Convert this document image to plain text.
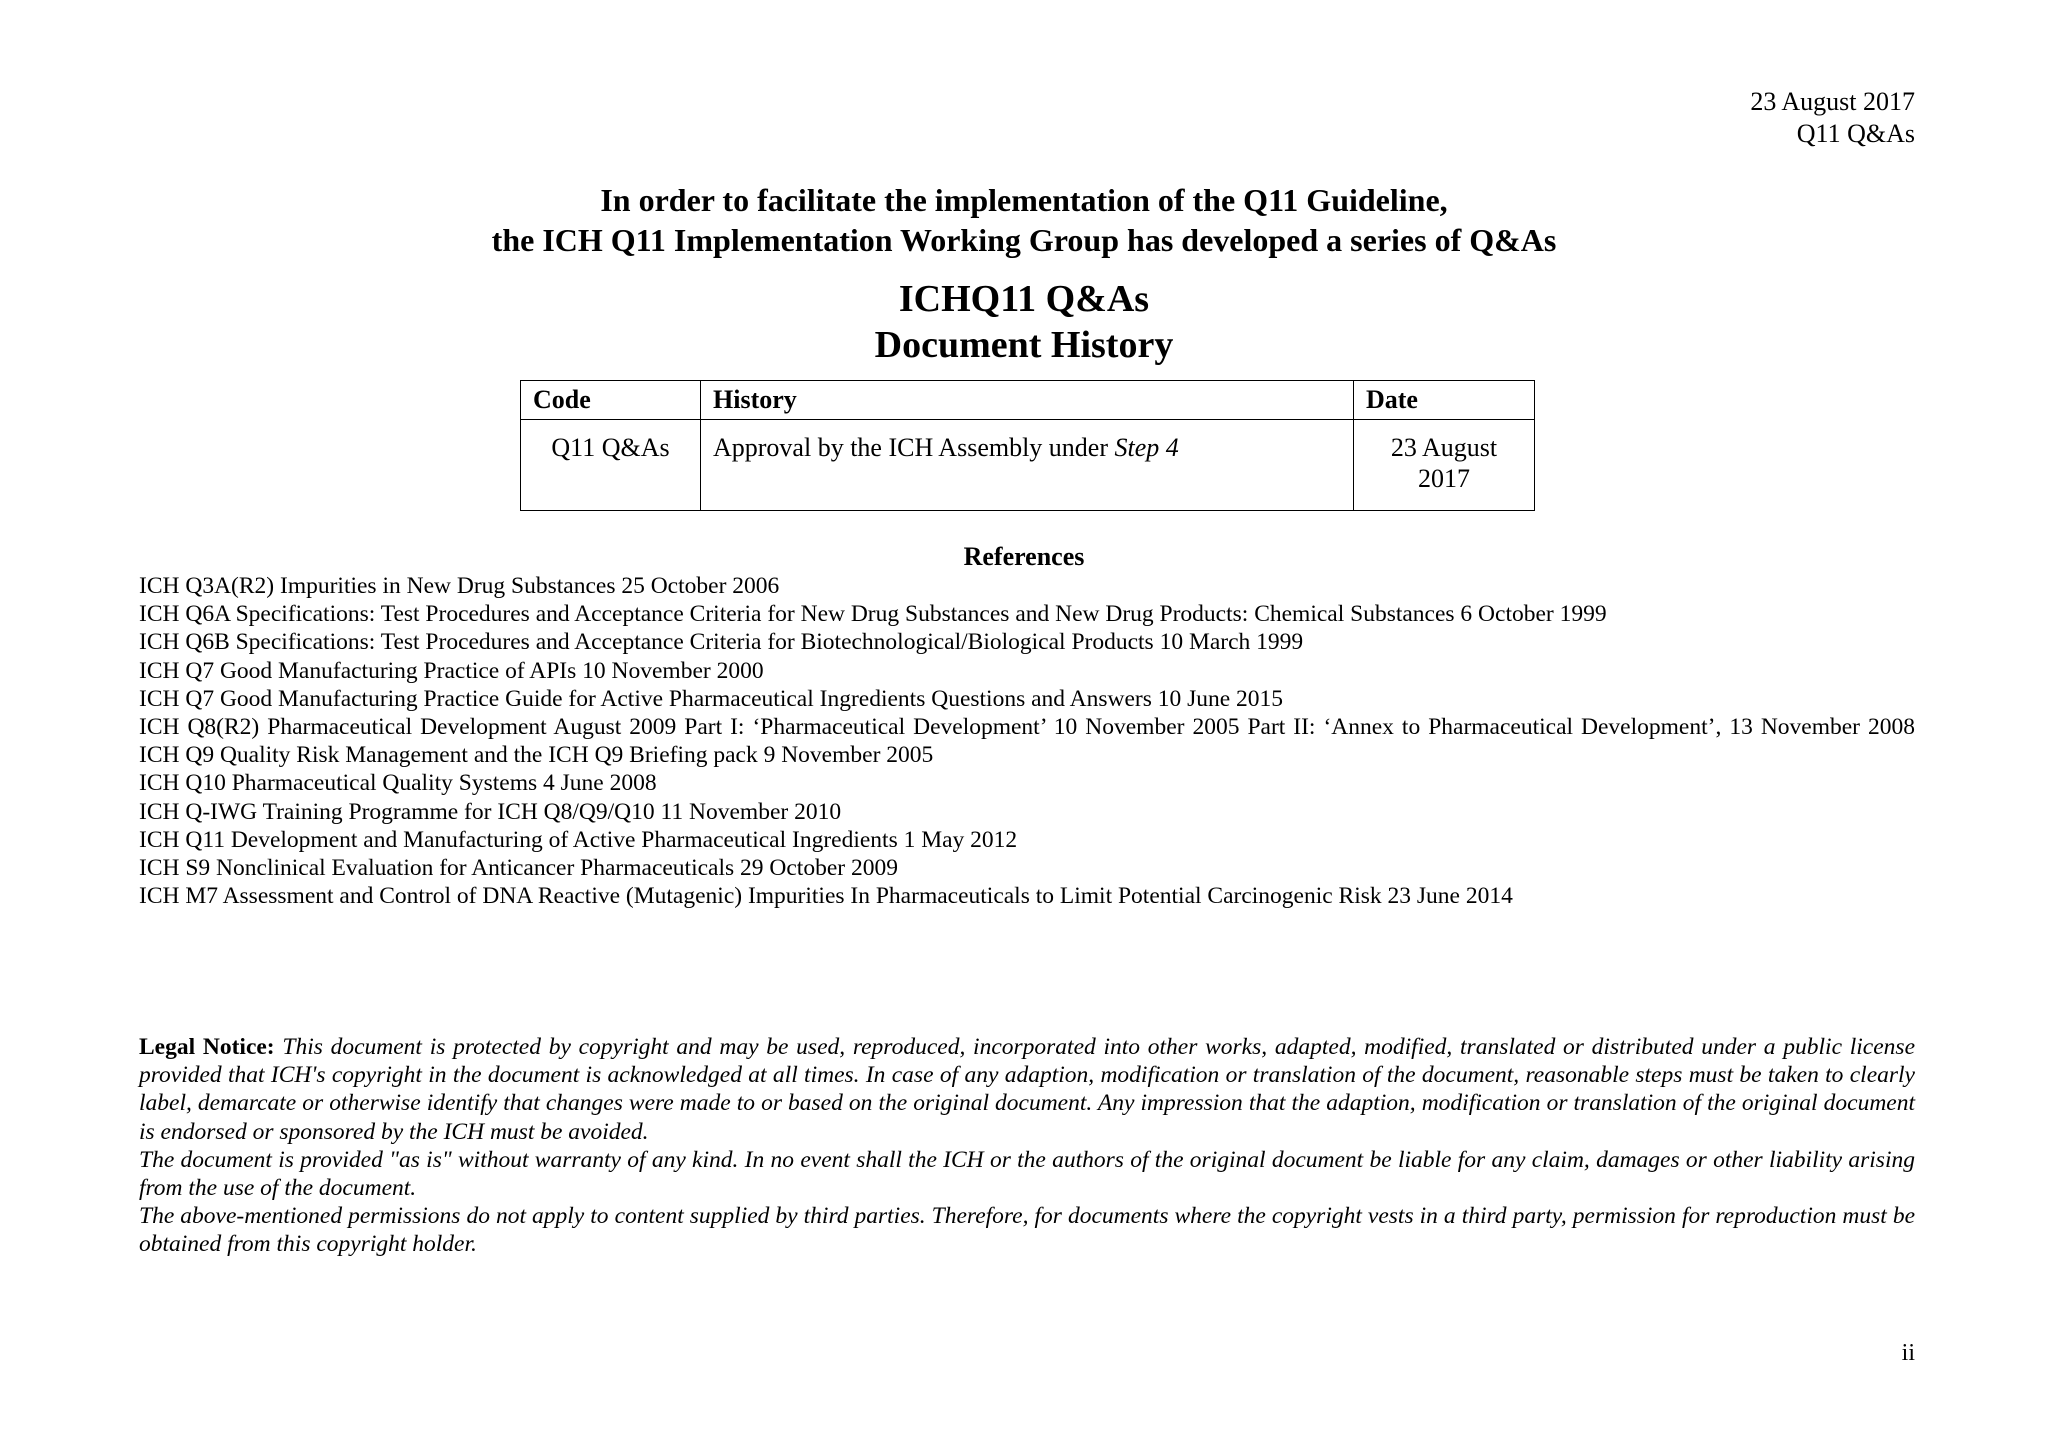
23 August 2017
Q11 Q&As
In order to facilitate the implementation of the Q11 Guideline,
the ICH Q11 Implementation Working Group has developed a series of Q&As
ICHQ11 Q&As
Document History
Code	History	Date
Q11 Q&As	Approval by the ICH Assembly under Step 4	23 August
2017
References
ICH Q3A(R2) Impurities in New Drug Substances 25 October 2006
ICH Q6A Specifications: Test Procedures and Acceptance Criteria for New Drug Substances and New Drug Products: Chemical Substances 6 October 1999
ICH Q6B Specifications: Test Procedures and Acceptance Criteria for Biotechnological/Biological Products 10 March 1999
ICH Q7 Good Manufacturing Practice of APIs 10 November 2000
ICH Q7 Good Manufacturing Practice Guide for Active Pharmaceutical Ingredients Questions and Answers 10 June 2015
ICH Q8(R2) Pharmaceutical Development August 2009 Part I: ‘Pharmaceutical Development’ 10 November 2005 Part II: ‘Annex to Pharmaceutical Development’, 13 November 2008 ICH Q9 Quality Risk Management and the ICH Q9 Briefing pack 9 November 2005
ICH Q10 Pharmaceutical Quality Systems 4 June 2008
ICH Q-IWG Training Programme for ICH Q8/Q9/Q10 11 November 2010
ICH Q11 Development and Manufacturing of Active Pharmaceutical Ingredients 1 May 2012
ICH S9 Nonclinical Evaluation for Anticancer Pharmaceuticals 29 October 2009
ICH M7 Assessment and Control of DNA Reactive (Mutagenic) Impurities In Pharmaceuticals to Limit Potential Carcinogenic Risk 23 June 2014

Legal Notice: This document is protected by copyright and may be used, reproduced, incorporated into other works, adapted, modified, translated or distributed under a public license provided that ICH's copyright in the document is acknowledged at all times. In case of any adaption, modification or translation of the document, reasonable steps must be taken to clearly label, demarcate or otherwise identify that changes were made to or based on the original document. Any impression that the adaption, modification or translation of the original document is endorsed or sponsored by the ICH must be avoided.

The document is provided "as is" without warranty of any kind. In no event shall the ICH or the authors of the original document be liable for any claim, damages or other liability arising from the use of the document.

The above-mentioned permissions do not apply to content supplied by third parties. Therefore, for documents where the copyright vests in a third party, permission for reproduction must be obtained from this copyright holder.

ii
